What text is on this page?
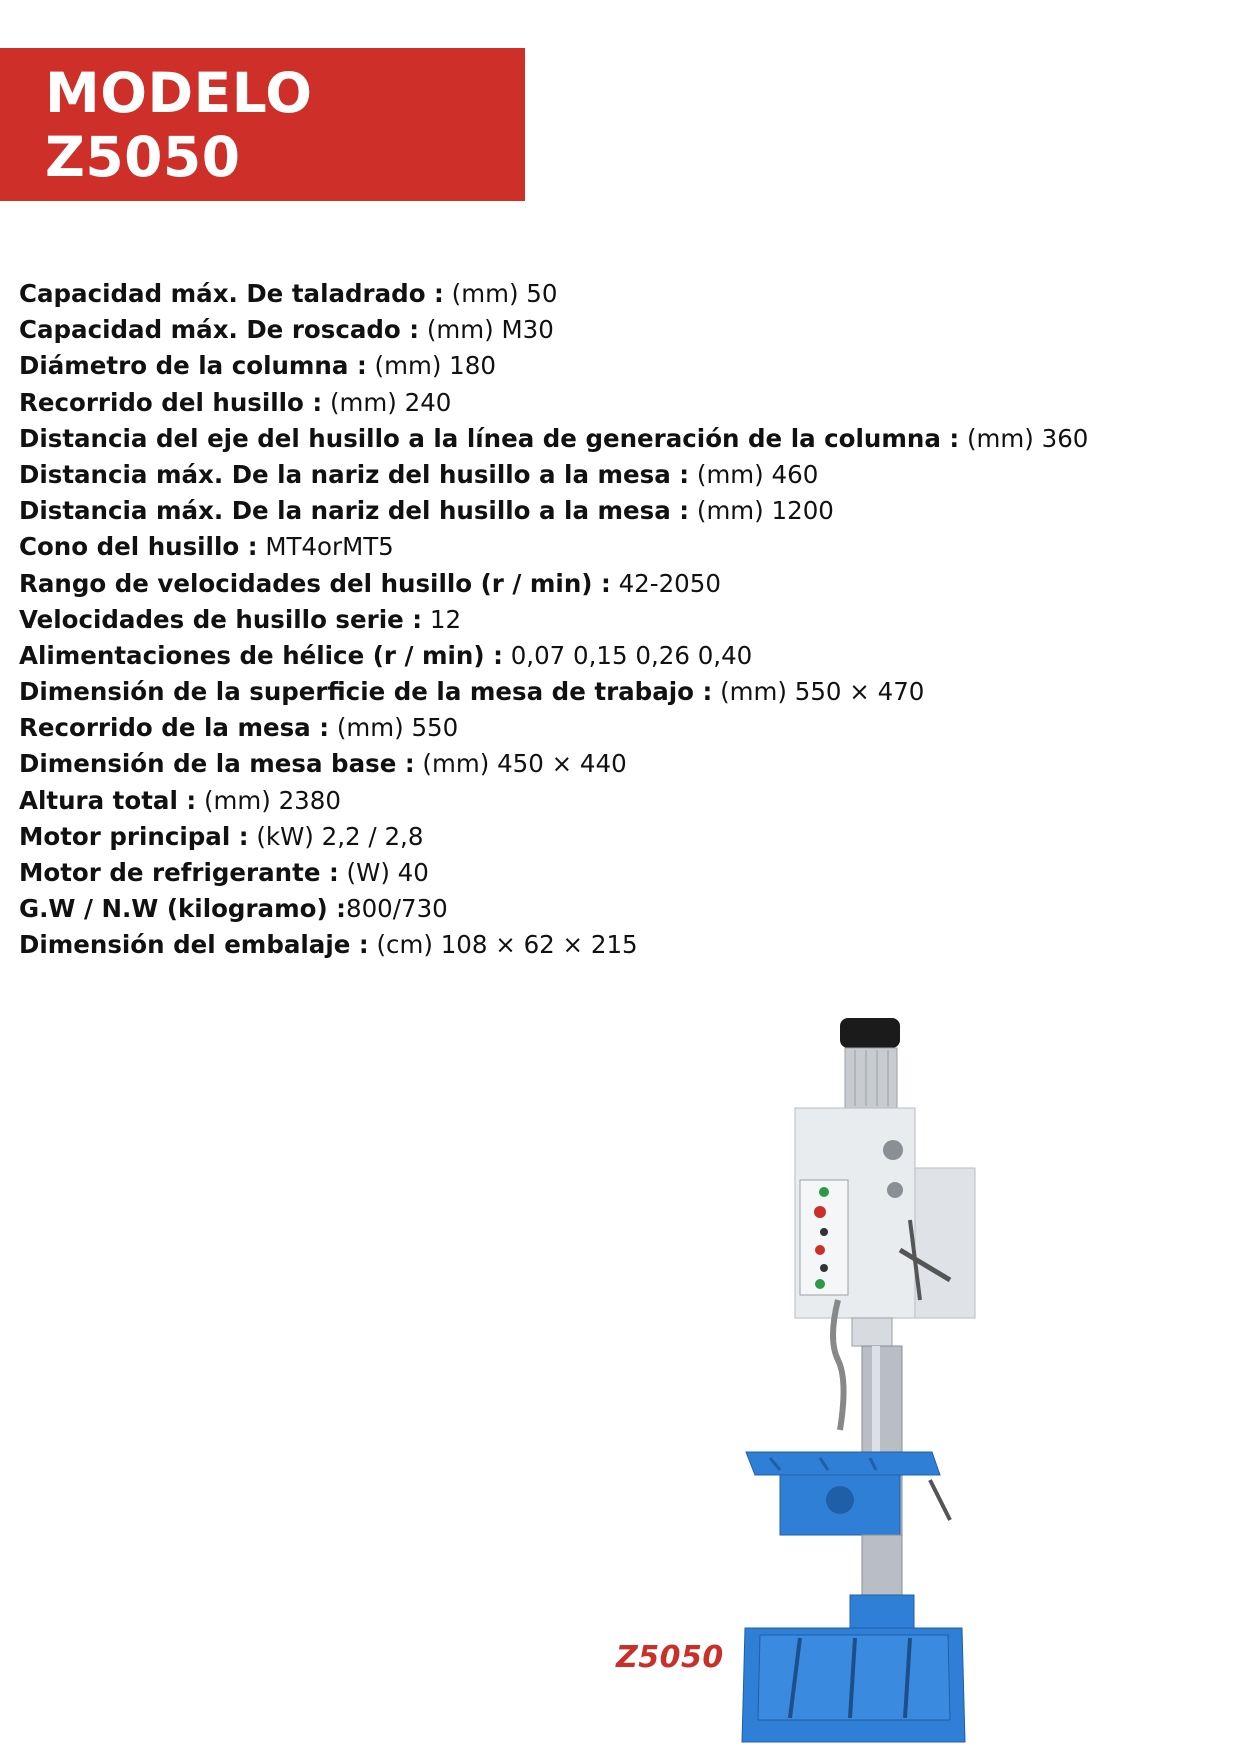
MODELO Z5050
Capacidad máx. De taladrado : (mm) 50
Capacidad máx. De roscado : (mm) M30
Diámetro de la columna : (mm) 180
Recorrido del husillo : (mm) 240
Distancia del eje del husillo a la línea de generación de la columna : (mm) 360
Distancia máx. De la nariz del husillo a la mesa : (mm) 460
Distancia máx. De la nariz del husillo a la mesa : (mm) 1200
Cono del husillo : MT4orMT5
Rango de velocidades del husillo (r / min) : 42-2050
Velocidades de husillo serie : 12
Alimentaciones de hélice (r / min) : 0,07 0,15 0,26 0,40
Dimensión de la superficie de la mesa de trabajo : (mm) 550 × 470
Recorrido de la mesa : (mm) 550
Dimensión de la mesa base : (mm) 450 × 440
Altura total : (mm) 2380
Motor principal : (kW) 2,2 / 2,8
Motor de refrigerante : (W) 40
G.W / N.W (kilogramo) :800/730
Dimensión del embalaje : (cm) 108 × 62 × 215
Z5050
